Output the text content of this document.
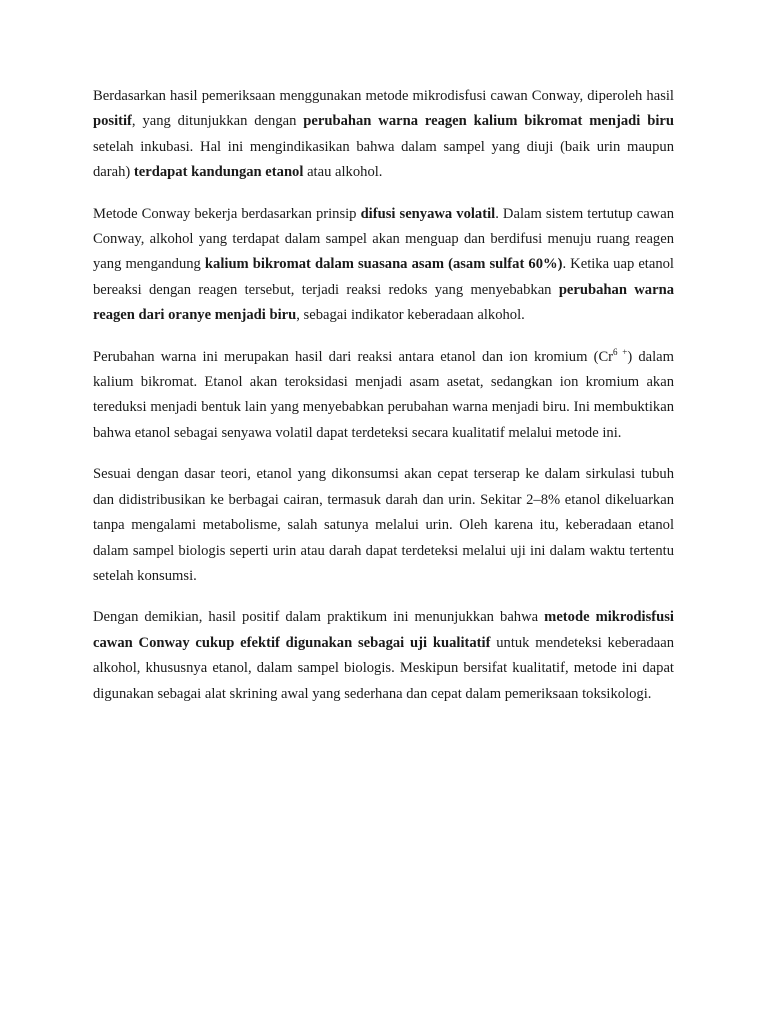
Berdasarkan hasil pemeriksaan menggunakan metode mikrodisfusi cawan Conway, diperoleh hasil positif, yang ditunjukkan dengan perubahan warna reagen kalium bikromat menjadi biru setelah inkubasi. Hal ini mengindikasikan bahwa dalam sampel yang diuji (baik urin maupun darah) terdapat kandungan etanol atau alkohol.

Metode Conway bekerja berdasarkan prinsip difusi senyawa volatil. Dalam sistem tertutup cawan Conway, alkohol yang terdapat dalam sampel akan menguap dan berdifusi menuju ruang reagen yang mengandung kalium bikromat dalam suasana asam (asam sulfat 60%). Ketika uap etanol bereaksi dengan reagen tersebut, terjadi reaksi redoks yang menyebabkan perubahan warna reagen dari oranye menjadi biru, sebagai indikator keberadaan alkohol.

Perubahan warna ini merupakan hasil dari reaksi antara etanol dan ion kromium $(Cr^{6 +})$ dalam kalium bikromat. Etanol akan teroksidasi menjadi asam asetat, sedangkan ion kromium akan tereduksi menjadi bentuk lain yang menyebabkan perubahan warna menjadi biru. Ini membuktikan bahwa etanol sebagai senyawa volatil dapat terdeteksi secara kualitatif melalui metode ini.

Sesuai dengan dasar teori, etanol yang dikonsumsi akan cepat terserap ke dalam sirkulasi tubuh dan didistribusikan ke berbagai cairan, termasuk darah dan urin. Sekitar 2–8% etanol dikeluarkan tanpa mengalami metabolisme, salah satunya melalui urin. Oleh karena itu, keberadaan etanol dalam sampel biologis seperti urin atau darah dapat terdeteksi melalui uji ini dalam waktu tertentu setelah konsumsi.

Dengan demikian, hasil positif dalam praktikum ini menunjukkan bahwa metode mikrodisfusi cawan Conway cukup efektif digunakan sebagai uji kualitatif untuk mendeteksi keberadaan alkohol, khususnya etanol, dalam sampel biologis. Meskipun bersifat kualitatif, metode ini dapat digunakan sebagai alat skrining awal yang sederhana dan cepat dalam pemeriksaan toksikologi.
